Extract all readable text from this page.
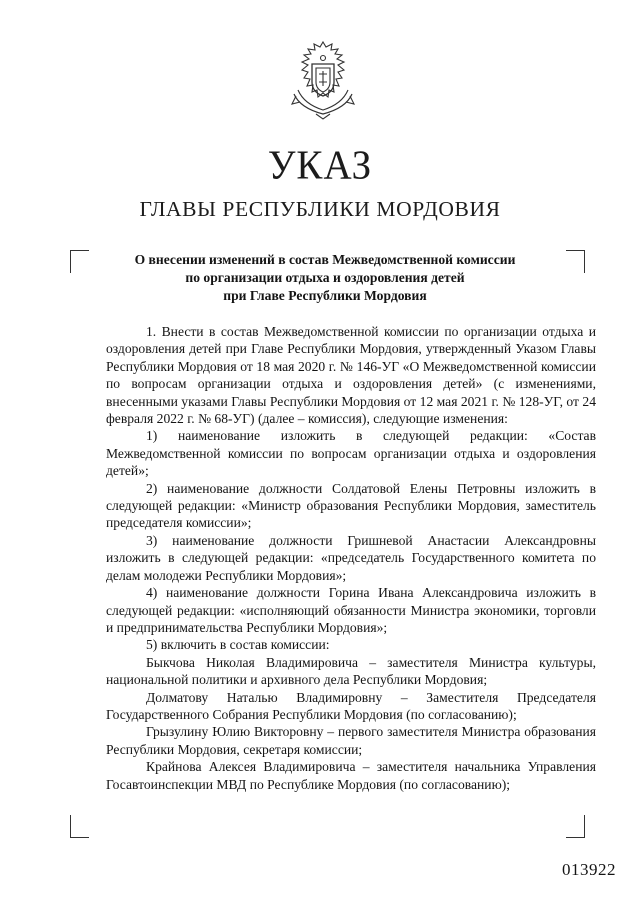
УКАЗ
ГЛАВЫ РЕСПУБЛИКИ МОРДОВИЯ
О внесении изменений в состав Межведомственной комиссии
по организации отдыха и оздоровления детей
при Главе Республики Мордовия

1. Внести в состав Межведомственной комиссии по организации отдыха и оздоровления детей при Главе Республики Мордовия, утвержденный Указом Главы Республики Мордовия от 18 мая 2020 г. № 146-УГ «О Межведомственной комиссии по вопросам организации отдыха и оздоровления детей» (с изменениями, внесенными указами Главы Республики Мордовия от 12 мая 2021 г. № 128-УГ, от 24 февраля 2022 г. № 68-УГ) (далее – комиссия), следующие изменения:

1) наименование изложить в следующей редакции: «Состав Межведомственной комиссии по вопросам организации отдыха и оздоровления детей»;

2) наименование должности Солдатовой Елены Петровны изложить в следующей редакции: «Министр образования Республики Мордовия, заместитель председателя комиссии»;

3) наименование должности Гришневой Анастасии Александровны изложить в следующей редакции: «председатель Государственного комитета по делам молодежи Республики Мордовия»;

4) наименование должности Горина Ивана Александровича изложить в следующей редакции: «исполняющий обязанности Министра экономики, торговли и предпринимательства Республики Мордовия»;

5) включить в состав комиссии:

Быкчова Николая Владимировича – заместителя Министра культуры, национальной политики и архивного дела Республики Мордовия;

Долматову Наталью Владимировну – Заместителя Председателя Государственного Собрания Республики Мордовия (по согласованию);

Грызулину Юлию Викторовну – первого заместителя Министра образования Республики Мордовия, секретаря комиссии;

Крайнова Алексея Владимировича – заместителя начальника Управления Госавтоинспекции МВД по Республике Мордовия (по согласованию);

013922
